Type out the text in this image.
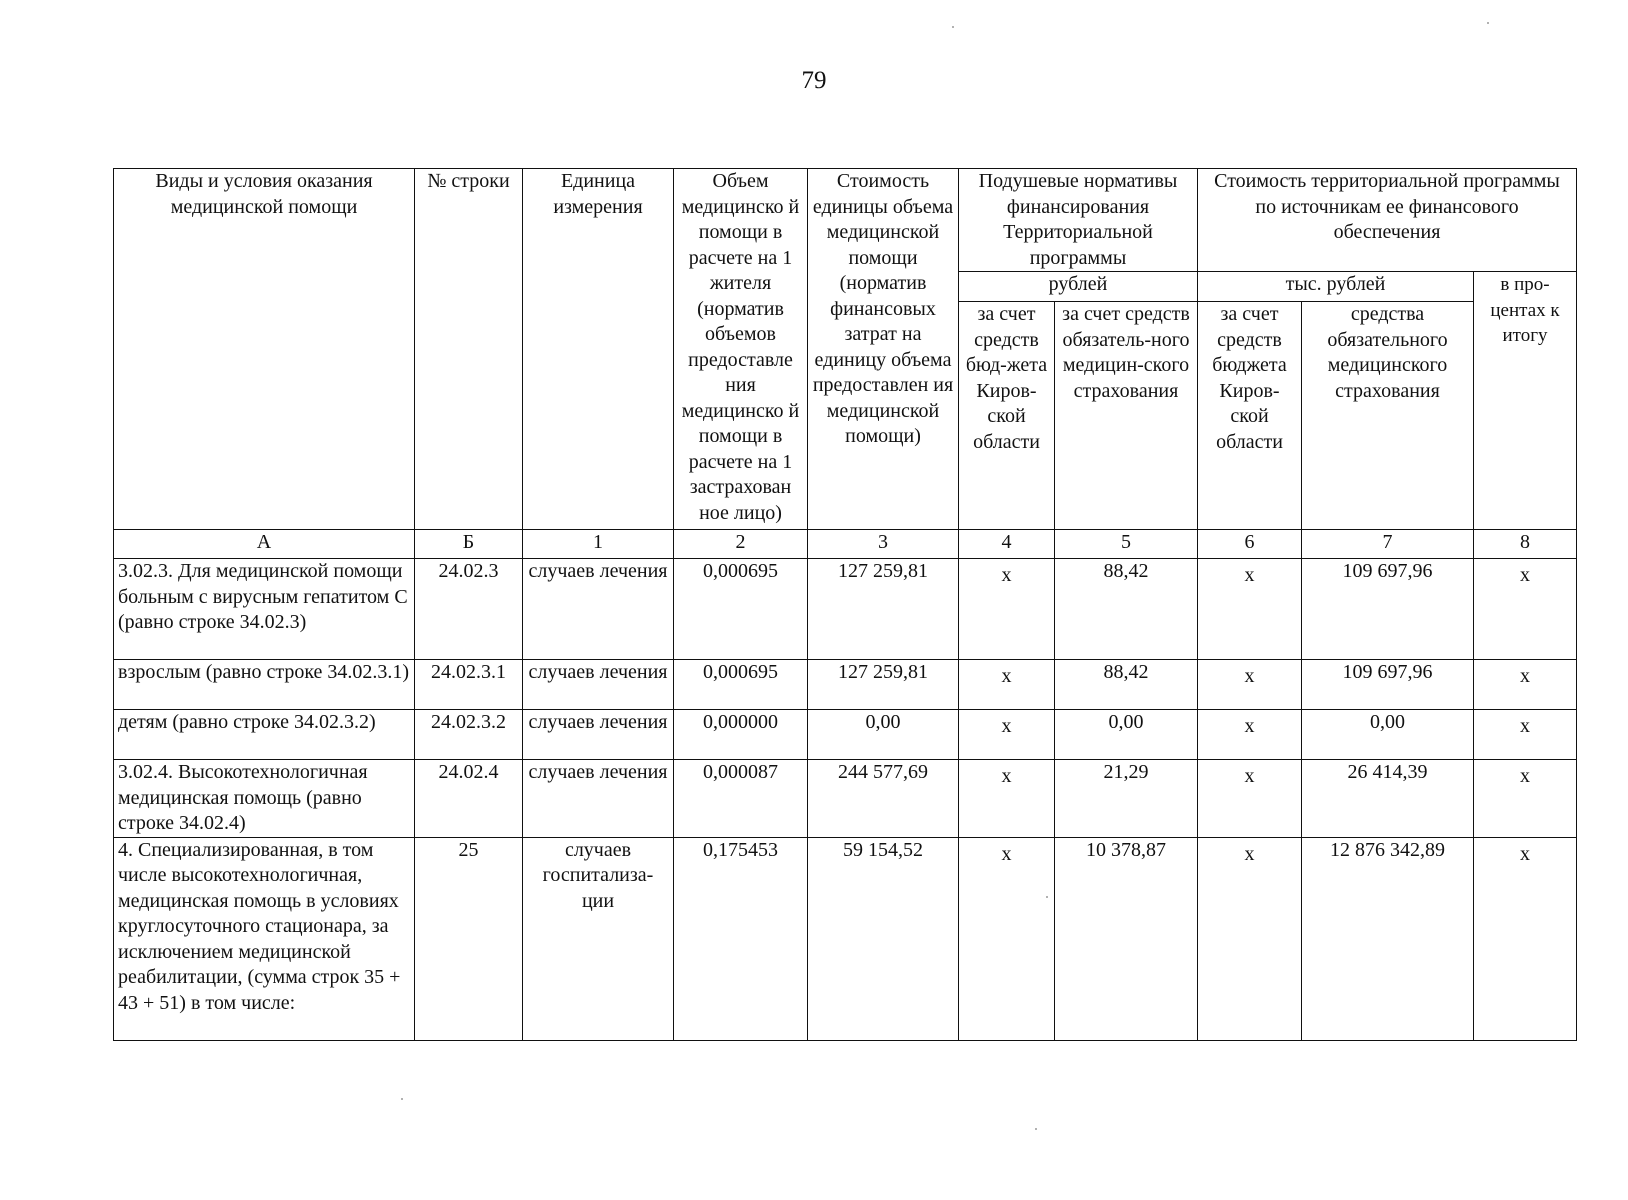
79
Виды и условия оказания медицинской помощи	№ строки	Единица измерения	Объем медицинско й помощи в расчете на 1 жителя (норматив объемов предоставле ния медицинско й помощи в расчете на 1 застрахован ное лицо)	Стоимость единицы объема медицинской помощи (норматив финансовых затрат на единицу объема предоставлен ия медицинской помощи)	Подушевые нормативы финансирования Территориальной программы		Стоимость территориальной программы по источникам ее финансового обеспечения		
					рублей		тыс. рублей		в про-центах к итогу
					за счет средств бюд-жета Киров-ской области	за счет средств обязатель-ного медицин-ского страхования	за счет средств бюджета Киров-ской области	средства обязательного медицинского страхования	
А	Б	1	2	3	4	5	6	7	8
3.02.3. Для медицинской помощи больным с вирусным гепатитом С (равно строке 34.02.3)	24.02.3	случаев лечения	0,000695	127 259,81	х	88,42	х	109 697,96	х
взрослым (равно строке 34.02.3.1)	24.02.3.1	случаев лечения	0,000695	127 259,81	х	88,42	х	109 697,96	х
детям (равно строке 34.02.3.2)	24.02.3.2	случаев лечения	0,000000	0,00	х	0,00	х	0,00	х
3.02.4. Высокотехнологичная медицинская помощь (равно строке 34.02.4)	24.02.4	случаев лечения	0,000087	244 577,69	х	21,29	х	26 414,39	х
4. Специализированная, в том числе высокотехнологичная, медицинская помощь в условиях круглосуточного стационара, за исключением медицинской реабилитации, (сумма строк 35 + 43 + 51) в том числе:	25	случаев госпитализа-ции	0,175453	59 154,52	х	10 378,87	х	12 876 342,89	х
